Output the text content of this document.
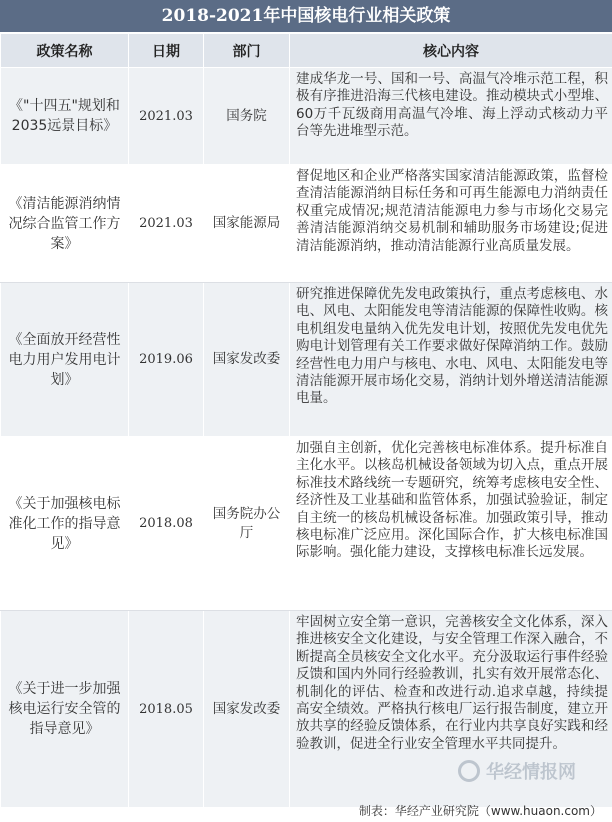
2018-2021年中国核电行业相关政策
政策名称	日期	部门	核心内容
《"十四五"规划和2035远景目标》	2021.03	国务院	建成华龙一号、国和一号、高温气冷堆示范工程，积极有序推进沿海三代核电建设。推动模块式小型堆、60万千瓦级商用高温气冷堆、海上浮动式核动力平台等先进堆型示范。
《清洁能源消纳情况综合监管工作方案》	2021.03	国家能源局	督促地区和企业严格落实国家清洁能源政策，监督检查清洁能源消纳目标任务和可再生能源电力消纳责任权重完成情况;规范清洁能源电力参与市场化交易完善清洁能源消纳交易机制和辅助服务市场建设;促进清洁能源消纳，推动清洁能源行业高质量发展。
《全面放开经营性电力用户发用电计划》	2019.06	国家发改委	研究推进保障优先发电政策执行，重点考虑核电、水电、风电、太阳能发电等清洁能源的保障性收购。核电机组发电量纳入优先发电计划，按照优先发电优先购电计划管理有关工作要求做好保障消纳工作。鼓励经营性电力用户与核电、水电、风电、太阳能发电等清洁能源开展市场化交易，消纳计划外增送清洁能源电量。
《关于加强核电标准化工作的指导意见》	2018.08	国务院办公厅	加强自主创新，优化完善核电标准体系。提升标准自主化水平。以核岛机械设备领域为切入点，重点开展标准技术路线统一专题研究，统筹考虑核电安全性、经济性及工业基础和监管体系，加强试验验证，制定自主统一的核岛机械设备标准。加强政策引导，推动核电标准广泛应用。深化国际合作，扩大核电标准国际影响。强化能力建设，支撑核电标准长远发展。
《关于进一步加强核电运行安全管的指导意见》	2018.05	国家发改委	牢固树立安全第一意识，完善核安全文化体系，深入推进核安全文化建设，与安全管理工作深入融合，不断提高全员核安全文化水平。充分汲取运行事件经验反馈和国内外同行经验教训，扎实有效开展常态化、机制化的评估、检查和改进行动.追求卓越，持续提高安全绩效。严格执行核电厂运行报告制度，建立开放共享的经验反馈体系，在行业内共享良好实践和经验教训，促进全行业安全管理水平共同提升。
华经情报网
制表：华经产业研究院（www.huaon.com）
